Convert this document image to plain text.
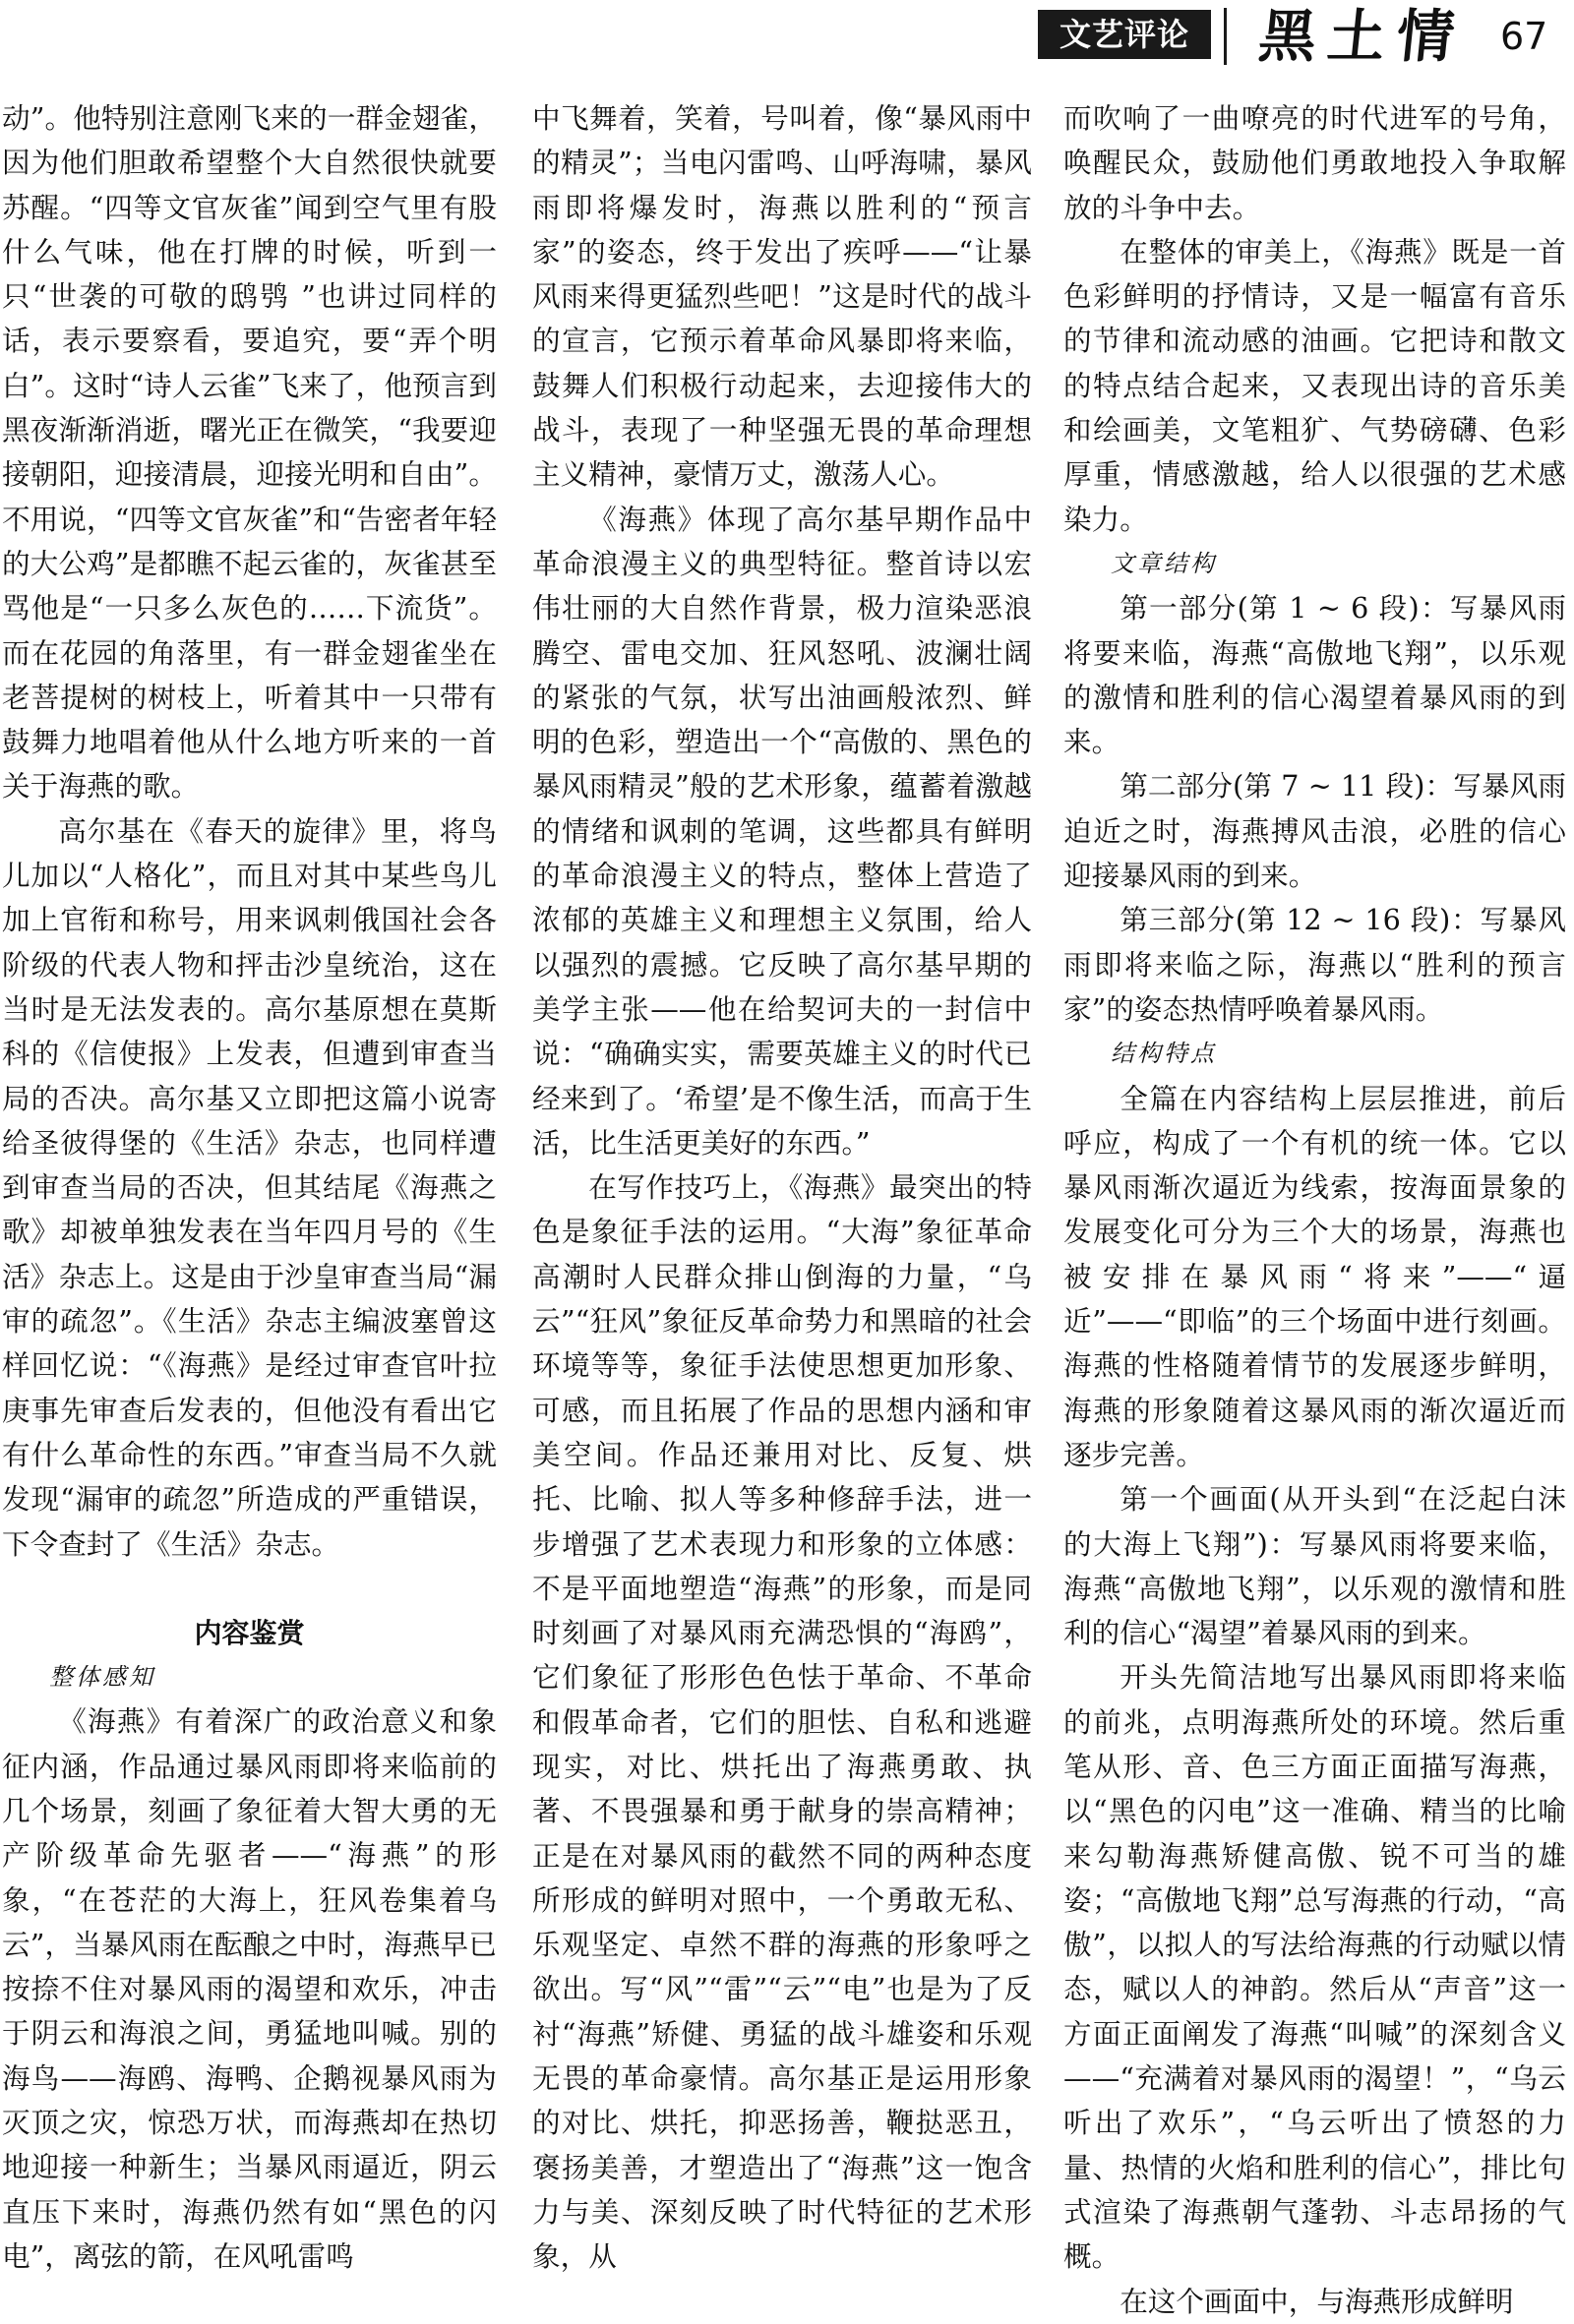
文艺评论	黑土情 67

动”。他特别注意刚飞来的一群金翅雀，因为他们胆敢希望整个大自然很快就要苏醒。“四等文官灰雀”闻到空气里有股什么气味，他在打牌的时候，听到一只“世袭的可敬的鸱鸮 ”也讲过同样的话，表示要察看，要追究，要“弄个明白”。这时“诗人云雀”飞来了，他预言到黑夜渐渐消逝，曙光正在微笑，“我要迎接朝阳，迎接清晨，迎接光明和自由”。不用说，“四等文官灰雀”和“告密者年轻的大公鸡”是都瞧不起云雀的，灰雀甚至骂他是“一只多么灰色的……下流货”。而在花园的角落里，有一群金翅雀坐在老菩提树的树枝上，听着其中一只带有鼓舞力地唱着他从什么地方听来的一首关于海燕的歌。

高尔基在《春天的旋律》里，将鸟儿加以“人格化”，而且对其中某些鸟儿加上官衔和称号，用来讽刺俄国社会各阶级的代表人物和抨击沙皇统治，这在当时是无法发表的。高尔基原想在莫斯科的《信使报》上发表，但遭到审查当局的否决。高尔基又立即把这篇小说寄给圣彼得堡的《生活》杂志，也同样遭到审查当局的否决，但其结尾《海燕之歌》却被单独发表在当年四月号的《生活》杂志上。这是由于沙皇审查当局“漏审的疏忽”。《生活》杂志主编波塞曾这样回忆说：“《海燕》是经过审查官叶拉庚事先审查后发表的，但他没有看出它有什么革命性的东西。”审查当局不久就发现“漏审的疏忽”所造成的严重错误，下令查封了《生活》杂志。

内容鉴赏
整体感知

《海燕》有着深广的政治意义和象征内涵，作品通过暴风雨即将来临前的几个场景，刻画了象征着大智大勇的无产阶级革命先驱者——“海燕”的形象，“在苍茫的大海上，狂风卷集着乌云”，当暴风雨在酝酿之中时，海燕早已按捺不住对暴风雨的渴望和欢乐，冲击于阴云和海浪之间，勇猛地叫喊。别的海鸟——海鸥、海鸭、企鹅视暴风雨为灭顶之灾，惊恐万状，而海燕却在热切地迎接一种新生；当暴风雨逼近，阴云直压下来时，海燕仍然有如“黑色的闪电”，离弦的箭，在风吼雷鸣

中飞舞着，笑着，号叫着，像“暴风雨中的精灵”；当电闪雷鸣、山呼海啸，暴风雨即将爆发时，海燕以胜利的“预言家”的姿态，终于发出了疾呼——“让暴风雨来得更猛烈些吧！”这是时代的战斗的宣言，它预示着革命风暴即将来临，鼓舞人们积极行动起来，去迎接伟大的战斗，表现了一种坚强无畏的革命理想主义精神，豪情万丈，激荡人心。

《海燕》体现了高尔基早期作品中革命浪漫主义的典型特征。整首诗以宏伟壮丽的大自然作背景，极力渲染恶浪腾空、雷电交加、狂风怒吼、波澜壮阔的紧张的气氛，状写出油画般浓烈、鲜明的色彩，塑造出一个“高傲的、黑色的暴风雨精灵”般的艺术形象，蕴蓄着激越的情绪和讽刺的笔调，这些都具有鲜明的革命浪漫主义的特点，整体上营造了浓郁的英雄主义和理想主义氛围，给人以强烈的震撼。它反映了高尔基早期的美学主张——他在给契诃夫的一封信中说：“确确实实，需要英雄主义的时代已经来到了。‘希望’是不像生活，而高于生活，比生活更美好的东西。”

在写作技巧上，《海燕》最突出的特色是象征手法的运用。“大海”象征革命高潮时人民群众排山倒海的力量，“乌云”“狂风”象征反革命势力和黑暗的社会环境等等，象征手法使思想更加形象、可感，而且拓展了作品的思想内涵和审美空间。作品还兼用对比、反复、烘托、比喻、拟人等多种修辞手法，进一步增强了艺术表现力和形象的立体感：不是平面地塑造“海燕”的形象，而是同时刻画了对暴风雨充满恐惧的“海鸥”，它们象征了形形色色怯于革命、不革命和假革命者，它们的胆怯、自私和逃避现实，对比、烘托出了海燕勇敢、执著、不畏强暴和勇于献身的崇高精神；正是在对暴风雨的截然不同的两种态度所形成的鲜明对照中，一个勇敢无私、乐观坚定、卓然不群的海燕的形象呼之欲出。写“风”“雷”“云”“电”也是为了反衬“海燕”矫健、勇猛的战斗雄姿和乐观无畏的革命豪情。高尔基正是运用形象的对比、烘托，抑恶扬善，鞭挞恶丑，褒扬美善，才塑造出了“海燕”这一饱含力与美、深刻反映了时代特征的艺术形象，从

而吹响了一曲嘹亮的时代进军的号角，唤醒民众，鼓励他们勇敢地投入争取解放的斗争中去。

在整体的审美上，《海燕》既是一首色彩鲜明的抒情诗，又是一幅富有音乐的节律和流动感的油画。它把诗和散文的特点结合起来，又表现出诗的音乐美和绘画美，文笔粗犷、气势磅礴、色彩厚重，情感激越，给人以很强的艺术感染力。

文章结构

第一部分(第 1 ~ 6 段)：写暴风雨将要来临，海燕“高傲地飞翔”，以乐观的激情和胜利的信心渴望着暴风雨的到来。

第二部分(第 7 ~ 11 段)：写暴风雨迫近之时，海燕搏风击浪，必胜的信心迎接暴风雨的到来。

第三部分(第 12 ~ 16 段)：写暴风雨即将来临之际，海燕以“胜利的预言家”的姿态热情呼唤着暴风雨。

结构特点

全篇在内容结构上层层推进，前后呼应，构成了一个有机的统一体。它以暴风雨渐次逼近为线索，按海面景象的发展变化可分为三个大的场景，海燕也被安排在暴风雨“将来”——“逼近”——“即临”的三个场面中进行刻画。海燕的性格随着情节的发展逐步鲜明，海燕的形象随着这暴风雨的渐次逼近而逐步完善。

第一个画面(从开头到“在泛起白沫的大海上飞翔”)：写暴风雨将要来临，海燕“高傲地飞翔”，以乐观的激情和胜利的信心“渴望”着暴风雨的到来。

开头先简洁地写出暴风雨即将来临的前兆，点明海燕所处的环境。然后重笔从形、音、色三方面正面描写海燕，以“黑色的闪电”这一准确、精当的比喻来勾勒海燕矫健高傲、锐不可当的雄姿；“高傲地飞翔”总写海燕的行动，“高傲”，以拟人的写法给海燕的行动赋以情态，赋以人的神韵。然后从“声音”这一方面正面阐发了海燕“叫喊”的深刻含义——“充满着对暴风雨的渴望！”，“乌云听出了欢乐”，“乌云听出了愤怒的力量、热情的火焰和胜利的信心”，排比句式渲染了海燕朝气蓬勃、斗志昂扬的气概。

在这个画面中，与海燕形成鲜明
